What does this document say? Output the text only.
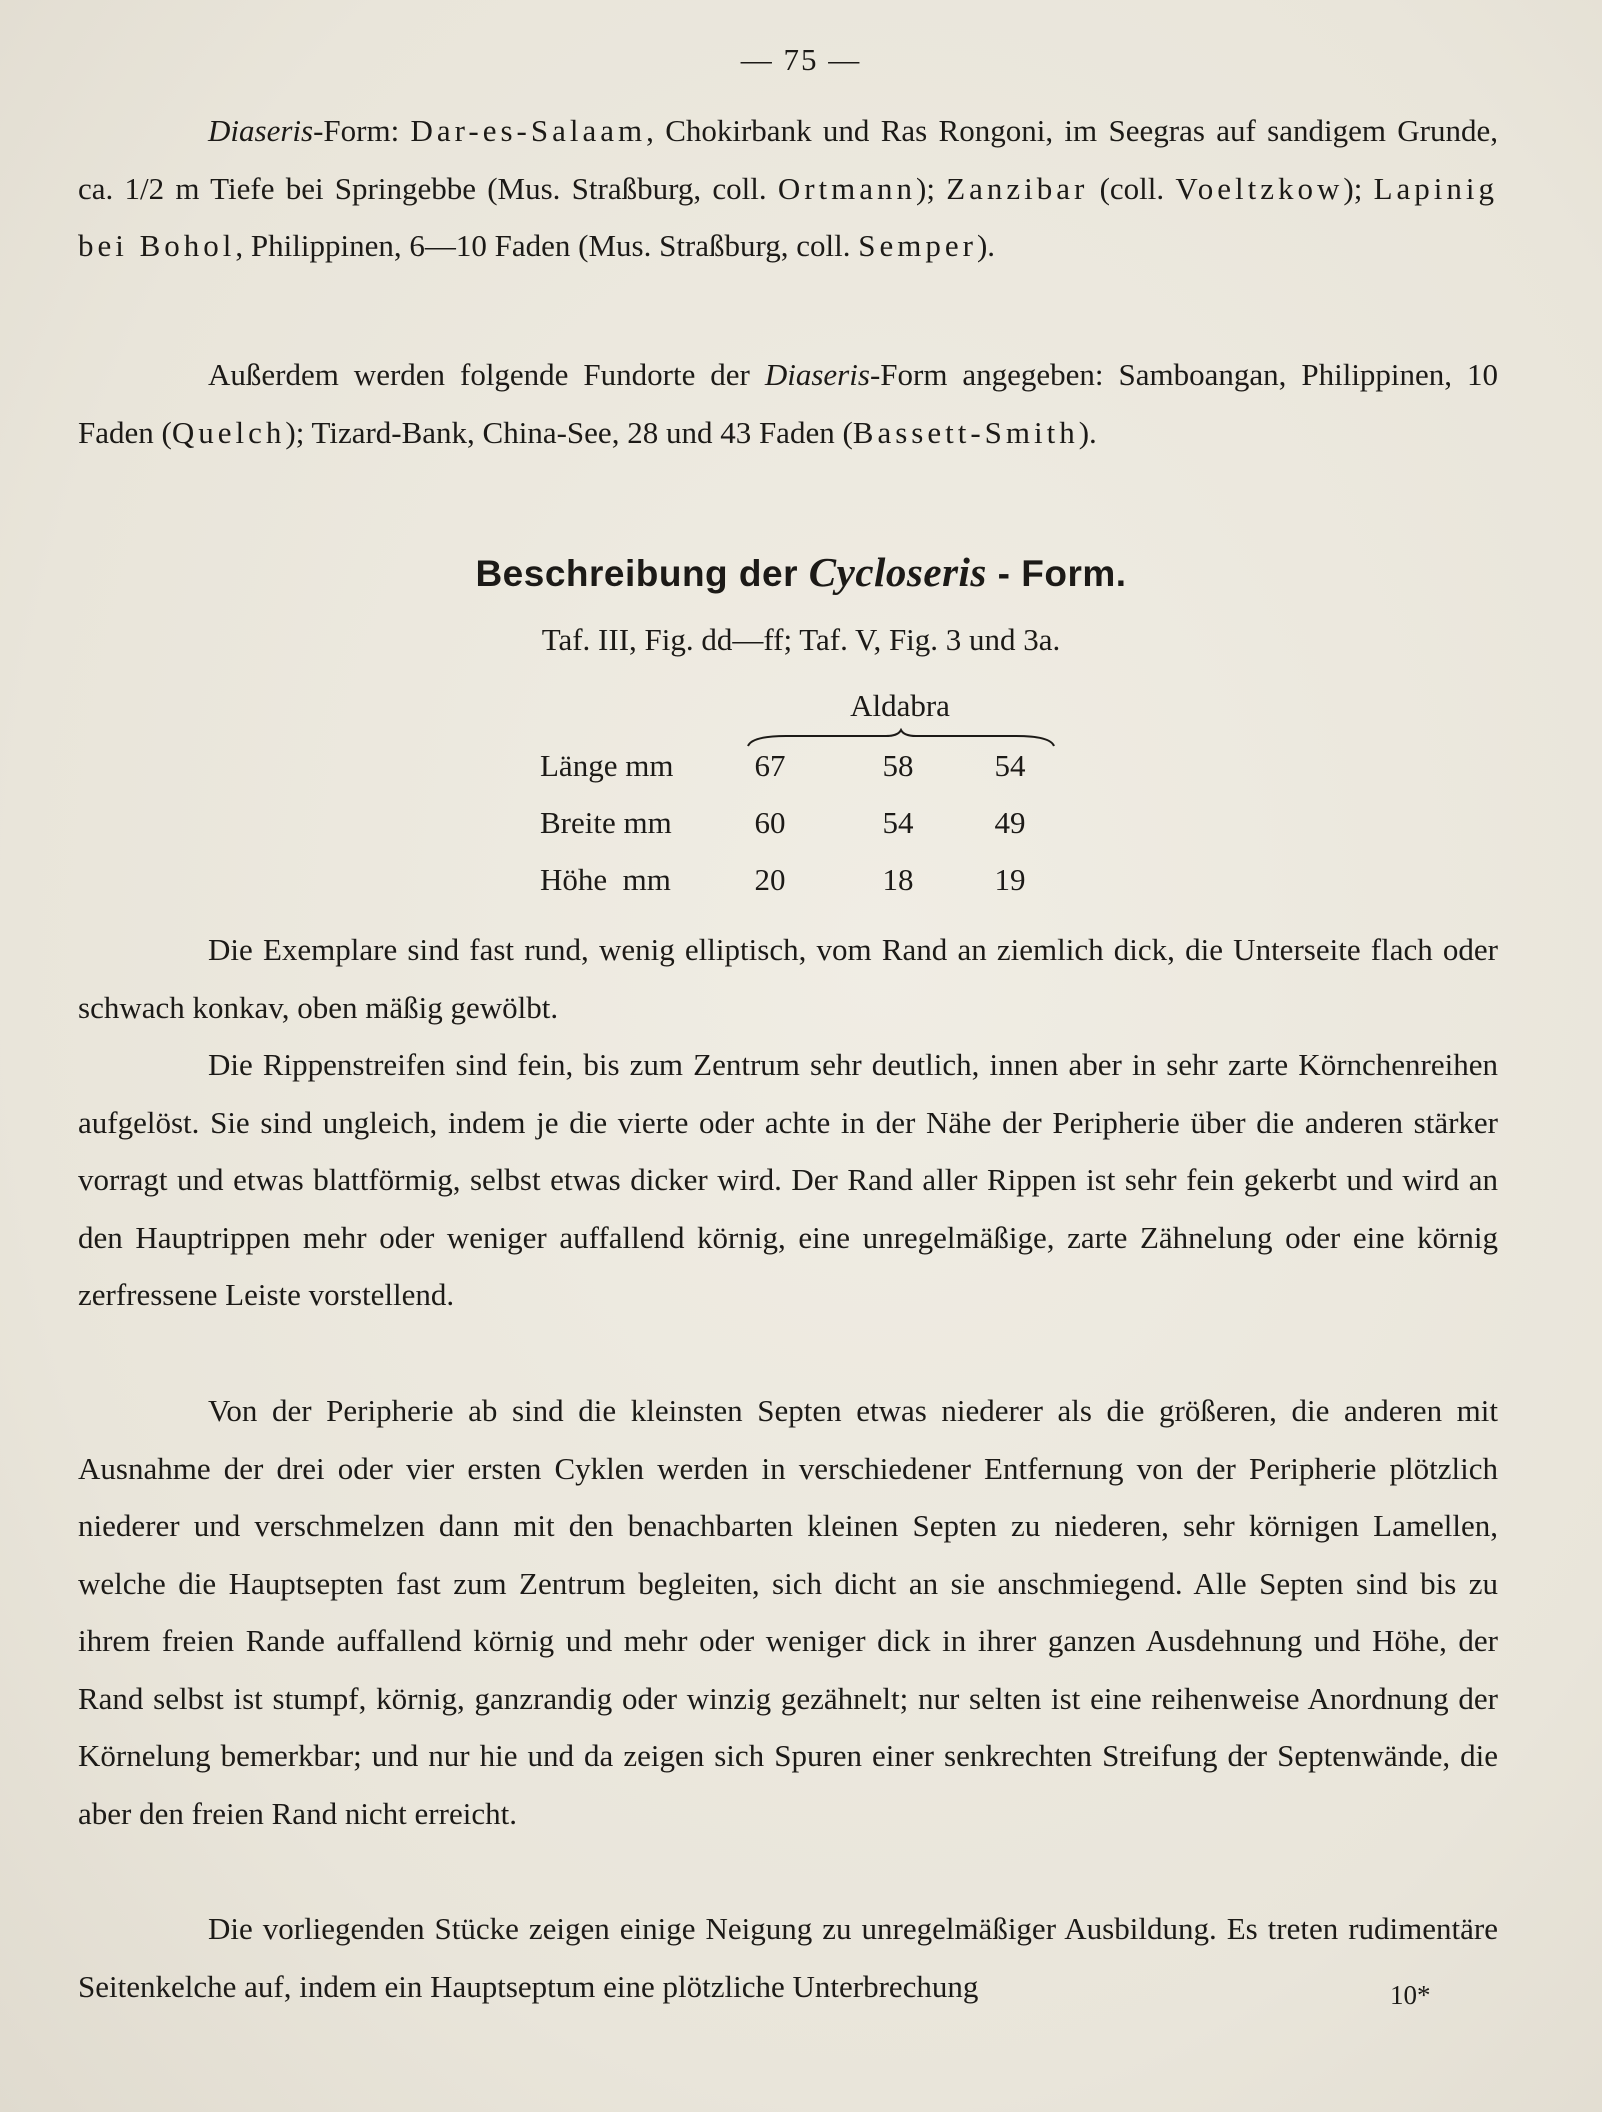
— 75 —

Diaseris-Form: Dar-es-Salaam, Chokirbank und Ras Rongoni, im Seegras auf sandigem Grunde, ca. 1/2 m Tiefe bei Springebbe (Mus. Straßburg, coll. Ortmann); Zanzibar (coll. Voeltzkow); Lapinig bei Bohol, Philippinen, 6—10 Faden (Mus. Straßburg, coll. Semper).

Außerdem werden folgende Fundorte der Diaseris-Form angegeben: Samboangan, Philippinen, 10 Faden (Quelch); Tizard-Bank, China-See, 28 und 43 Faden (Bassett-Smith).

Beschreibung der Cycloseris - Form.
Taf. III, Fig. dd—ff; Taf. V, Fig. 3 und 3a.
Aldabra
Länge mm	67	58	54
Breite mm	60	54	49
Höhe  mm	20	18	19

Die Exemplare sind fast rund, wenig elliptisch, vom Rand an ziemlich dick, die Unterseite flach oder schwach konkav, oben mäßig gewölbt.

Die Rippenstreifen sind fein, bis zum Zentrum sehr deutlich, innen aber in sehr zarte Körnchenreihen aufgelöst. Sie sind ungleich, indem je die vierte oder achte in der Nähe der Peripherie über die anderen stärker vorragt und etwas blattförmig, selbst etwas dicker wird. Der Rand aller Rippen ist sehr fein gekerbt und wird an den Hauptrippen mehr oder weniger auffallend körnig, eine unregelmäßige, zarte Zähnelung oder eine körnig zerfressene Leiste vorstellend.

Von der Peripherie ab sind die kleinsten Septen etwas niederer als die größeren, die anderen mit Ausnahme der drei oder vier ersten Cyklen werden in verschiedener Entfernung von der Peripherie plötzlich niederer und verschmelzen dann mit den benachbarten kleinen Septen zu niederen, sehr körnigen Lamellen, welche die Hauptsepten fast zum Zentrum begleiten, sich dicht an sie anschmiegend. Alle Septen sind bis zu ihrem freien Rande auffallend körnig und mehr oder weniger dick in ihrer ganzen Ausdehnung und Höhe, der Rand selbst ist stumpf, körnig, ganzrandig oder winzig gezähnelt; nur selten ist eine reihenweise Anordnung der Körnelung bemerkbar; und nur hie und da zeigen sich Spuren einer senkrechten Streifung der Septenwände, die aber den freien Rand nicht erreicht.

Die vorliegenden Stücke zeigen einige Neigung zu unregelmäßiger Ausbildung. Es treten rudimentäre Seitenkelche auf, indem ein Hauptseptum eine plötzliche Unterbrechung	10*
